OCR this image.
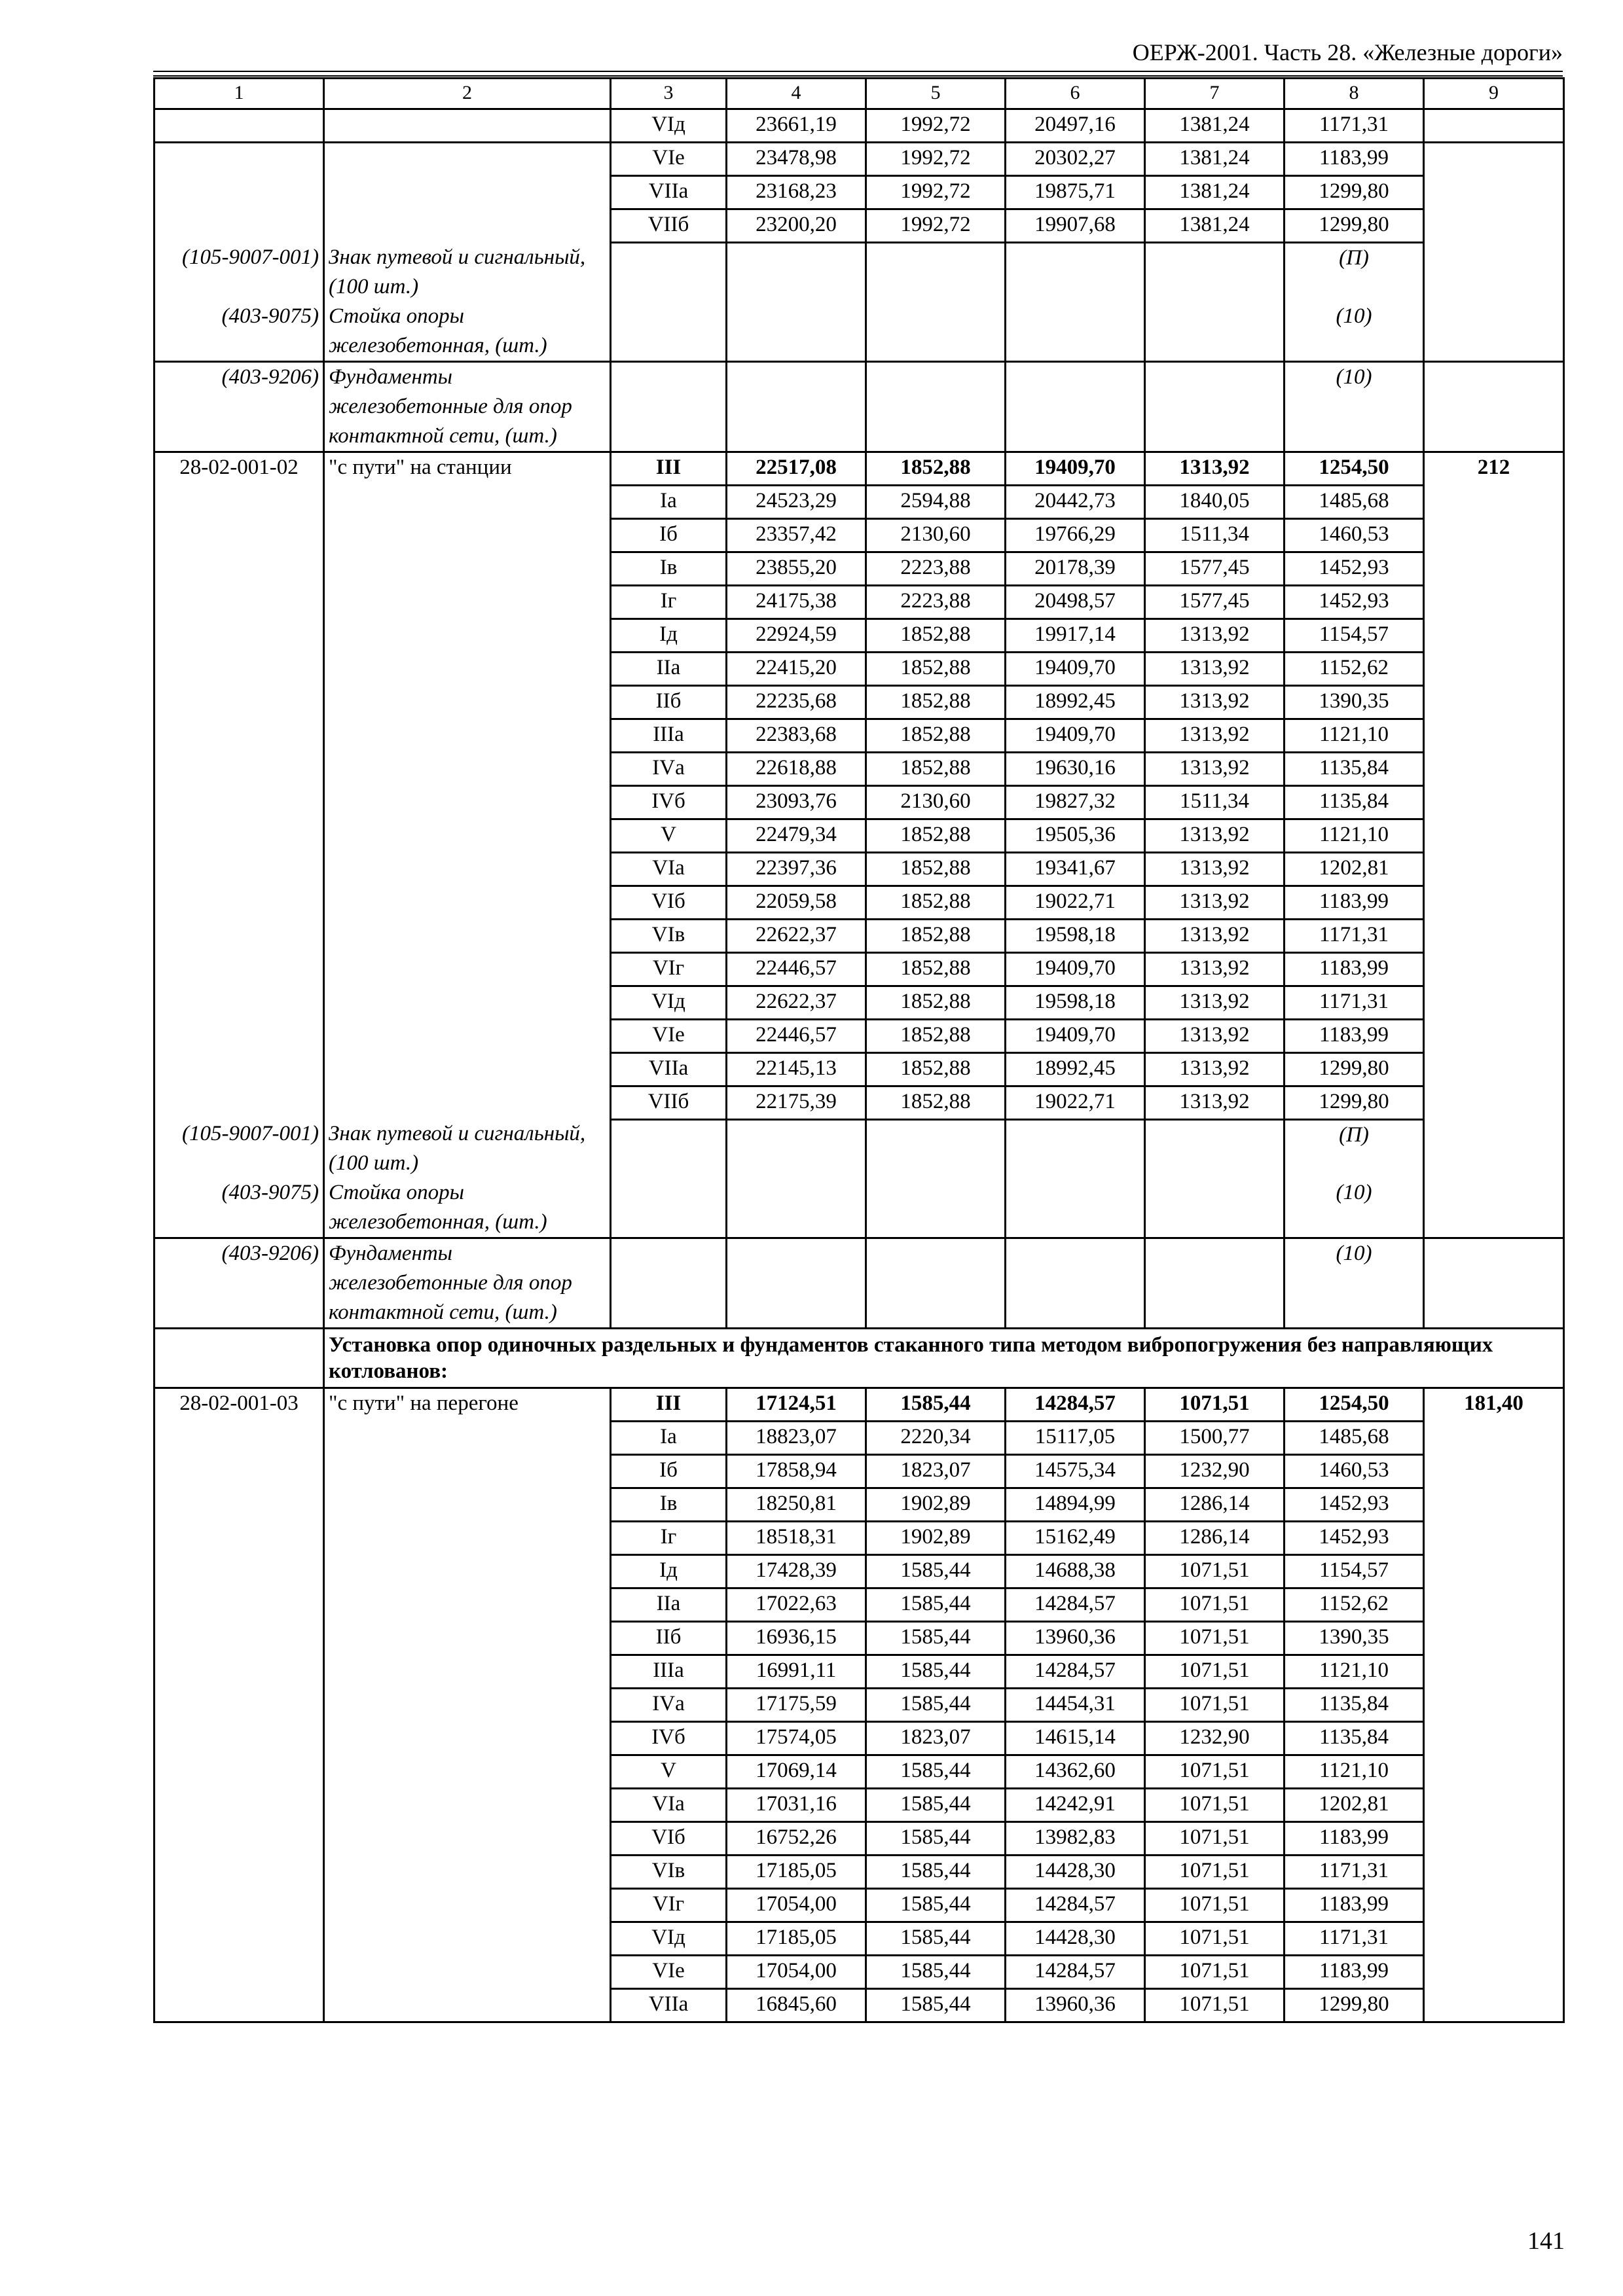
ОЕРЖ-2001. Часть 28. «Железные дороги»
1	2	3	4	5	6	7	8	9
		VIд	23661,19	1992,72	20497,16	1381,24	1171,31	
		VIе	23478,98	1992,72	20302,27	1381,24	1183,99	
		VIIа	23168,23	1992,72	19875,71	1381,24	1299,80	
		VIIб	23200,20	1992,72	19907,68	1381,24	1299,80	
(105-9007-001)	Знак путевой и сигнальный, (100 шт.)						(П)	
(403-9075)	Стойка опоры железобетонная, (шт.)						(10)	
(403-9206)	Фундаменты железобетонные для опор контактной сети, (шт.)						(10)	
28-02-001-02	"с пути" на станции	III	22517,08	1852,88	19409,70	1313,92	1254,50	212
		Iа	24523,29	2594,88	20442,73	1840,05	1485,68	
		Iб	23357,42	2130,60	19766,29	1511,34	1460,53	
		Iв	23855,20	2223,88	20178,39	1577,45	1452,93	
		Iг	24175,38	2223,88	20498,57	1577,45	1452,93	
		Iд	22924,59	1852,88	19917,14	1313,92	1154,57	
		IIа	22415,20	1852,88	19409,70	1313,92	1152,62	
		IIб	22235,68	1852,88	18992,45	1313,92	1390,35	
		IIIа	22383,68	1852,88	19409,70	1313,92	1121,10	
		IVа	22618,88	1852,88	19630,16	1313,92	1135,84	
		IVб	23093,76	2130,60	19827,32	1511,34	1135,84	
		V	22479,34	1852,88	19505,36	1313,92	1121,10	
		VIа	22397,36	1852,88	19341,67	1313,92	1202,81	
		VIб	22059,58	1852,88	19022,71	1313,92	1183,99	
		VIв	22622,37	1852,88	19598,18	1313,92	1171,31	
		VIг	22446,57	1852,88	19409,70	1313,92	1183,99	
		VIд	22622,37	1852,88	19598,18	1313,92	1171,31	
		VIе	22446,57	1852,88	19409,70	1313,92	1183,99	
		VIIа	22145,13	1852,88	18992,45	1313,92	1299,80	
		VIIб	22175,39	1852,88	19022,71	1313,92	1299,80	
(105-9007-001)	Знак путевой и сигнальный, (100 шт.)						(П)	
(403-9075)	Стойка опоры железобетонная, (шт.)						(10)	
(403-9206)	Фундаменты железобетонные для опор контактной сети, (шт.)						(10)	
	Установка опор одиночных раздельных и фундаментов стаканного типа методом вибропогружения без направляющих котлованов:							
28-02-001-03	"с пути" на перегоне	III	17124,51	1585,44	14284,57	1071,51	1254,50	181,40
		Iа	18823,07	2220,34	15117,05	1500,77	1485,68	
		Iб	17858,94	1823,07	14575,34	1232,90	1460,53	
		Iв	18250,81	1902,89	14894,99	1286,14	1452,93	
		Iг	18518,31	1902,89	15162,49	1286,14	1452,93	
		Iд	17428,39	1585,44	14688,38	1071,51	1154,57	
		IIа	17022,63	1585,44	14284,57	1071,51	1152,62	
		IIб	16936,15	1585,44	13960,36	1071,51	1390,35	
		IIIа	16991,11	1585,44	14284,57	1071,51	1121,10	
		IVа	17175,59	1585,44	14454,31	1071,51	1135,84	
		IVб	17574,05	1823,07	14615,14	1232,90	1135,84	
		V	17069,14	1585,44	14362,60	1071,51	1121,10	
		VIа	17031,16	1585,44	14242,91	1071,51	1202,81	
		VIб	16752,26	1585,44	13982,83	1071,51	1183,99	
		VIв	17185,05	1585,44	14428,30	1071,51	1171,31	
		VIг	17054,00	1585,44	14284,57	1071,51	1183,99	
		VIд	17185,05	1585,44	14428,30	1071,51	1171,31	
		VIе	17054,00	1585,44	14284,57	1071,51	1183,99	
		VIIа	16845,60	1585,44	13960,36	1071,51	1299,80	
141
